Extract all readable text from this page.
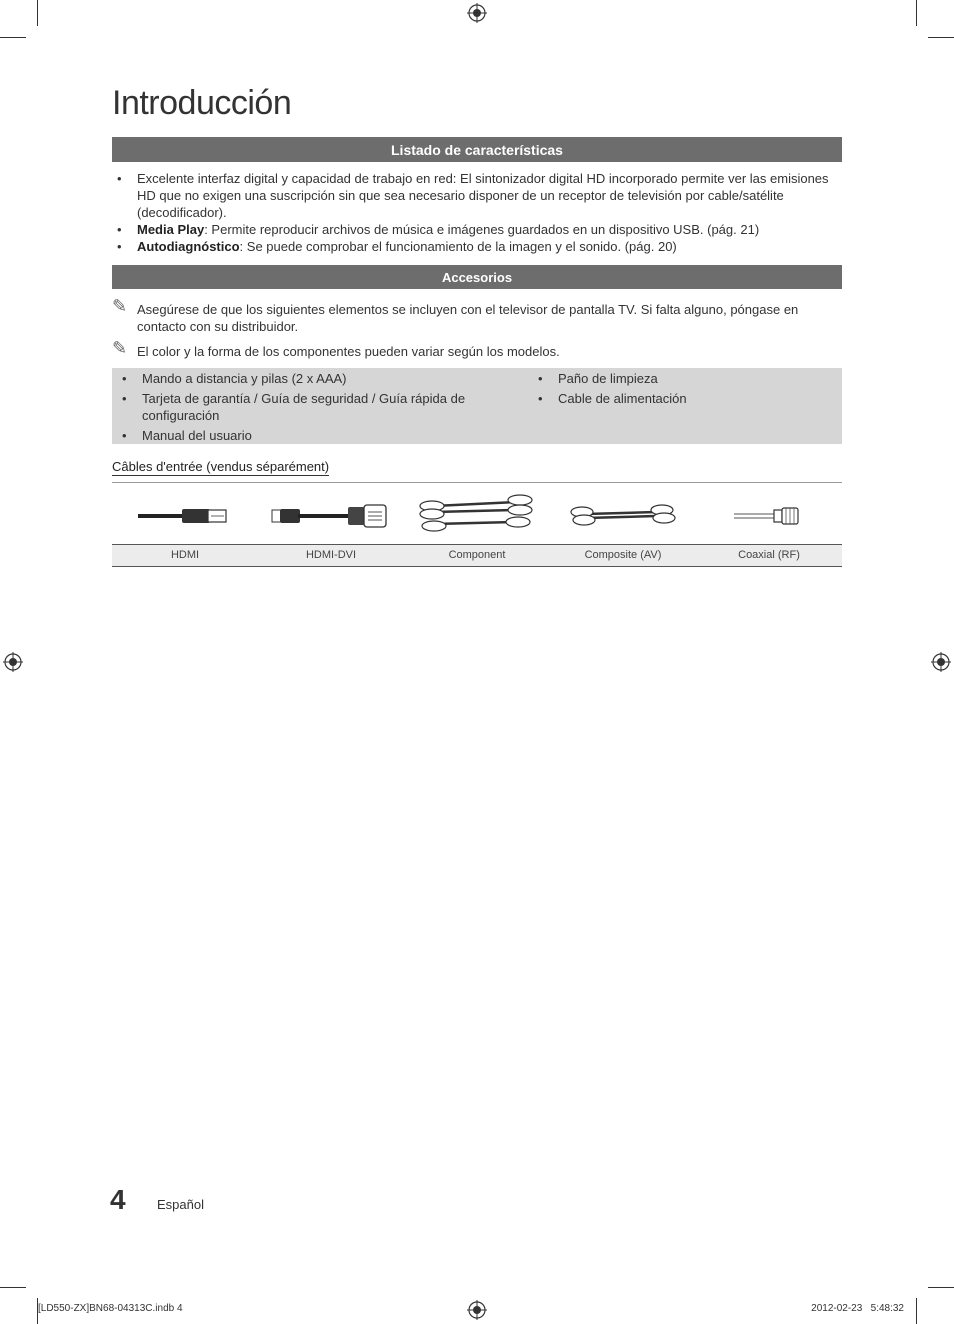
Introducción
Listado de características

• Excelente interfaz digital y capacidad de trabajo en red: El sintonizador digital HD incorporado permite ver las emisiones HD que no exigen una suscripción sin que sea necesario disponer de un receptor de televisión por cable/satélite (decodificador).

• Media Play: Permite reproducir archivos de música e imágenes guardados en un dispositivo USB. (pág. 21)

• Autodiagnóstico: Se puede comprobar el funcionamiento de la imagen y el sonido. (pág. 20)

Accesorios
✎ Asegúrese de que los siguientes elementos se incluyen con el televisor de pantalla TV. Si falta alguno, póngase en contacto con su distribuidor.
✎ El color y la forma de los componentes pueden variar según los modelos.
• Mando a distancia y pilas (2 x AAA)
• Tarjeta de garantía / Guía de seguridad / Guía rápida de configuración
• Manual del usuario
• Paño de limpieza
• Cable de alimentación
Câbles d'entrée (vendus séparément)
HDMI	HDMI-DVI	Component	Composite (AV)	Coaxial (RF)
4 Español
[LD550-ZX]BN68-04313C.indb 4	2012-02-23   5:48:32
